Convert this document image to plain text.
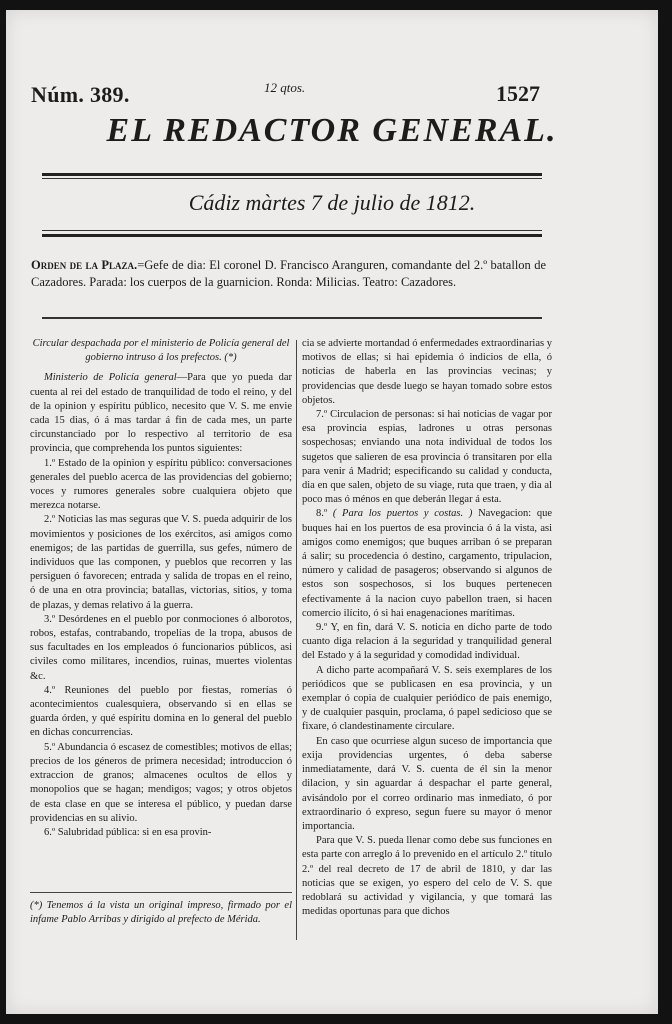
Núm. 389.	12 qtos.	1527
EL REDACTOR GENERAL.
Cádiz màrtes 7 de julio de 1812.
Orden de la Plaza.=Gefe de dia: El coronel D. Francisco Aranguren, comandante del 2.º batallon de Cazadores. Parada: los cuerpos de la guarnicion. Ronda: Milicias. Teatro: Cazadores.

Circular despachada por el ministerio de Policía general del gobierno intruso á los prefectos. (*)

Ministerio de Policía general—Para que yo pueda dar cuenta al rei del estado de tranquilidad de todo el reino, y del de la opinion y espíritu público, necesito que V. S. me envie cada 15 dias, ó á mas tardar á fin de cada mes, un parte circunstanciado por lo respectivo al territorio de esa provincia, que comprehenda los puntos siguientes:

1.º Estado de la opinion y espíritu público: conversaciones generales del pueblo acerca de las providencias del gobierno; voces y rumores generales sobre cualquiera objeto que merezca notarse.

2.º Noticias las mas seguras que V. S. pueda adquirir de los movimientos y posiciones de los exércitos, asi amigos como enemigos; de las partidas de guerrilla, sus gefes, número de individuos que las componen, y pueblos que recorren y las persiguen ó favorecen; entrada y salida de tropas en el reino, ó de una en otra provincia; batallas, victorias, sitios, y toma de plazas, y demas relativo á la guerra.

3.º Desórdenes en el pueblo por conmociones ó alborotos, robos, estafas, contrabando, tropelías de la tropa, abusos de sus facultades en los empleados ó funcionarios públicos, asi civiles como militares, incendios, ruinas, muertes violentas &c.

4.º Reuniones del pueblo por fiestas, romerías ó acontecimientos cualesquiera, observando si en ellas se guarda órden, y qué espíritu domina en lo general del pueblo en dichas concurrencias.

5.º Abundancia ó escasez de comestibles; motivos de ellas; precios de los géneros de primera necesidad; introduccion ó extraccion de granos; almacenes ocultos de ellos y monopolios que se hagan; mendigos; vagos; y otros objetos de esta clase en que se interesa el público, y puedan darse providencias en su alivio.

6.º Salubridad pública: si en esa provin-

(*) Tenemos á la vista un original impreso, firmado por el infame Pablo Arribas y dirigido al prefecto de Mérida.

cia se advierte mortandad ó enfermedades extraordinarias y motivos de ellas; si hai epidemia ó indicios de ella, ó noticias de haberla en las provincias vecinas; y providencias que desde luego se hayan tomado sobre estos objetos.

7.º Circulacion de personas: si hai noticias de vagar por esa provincia espias, ladrones u otras personas sospechosas; enviando una nota individual de todos los sugetos que salieren de esa provincia ó transitaren por ella para venir á Madrid; especificando su calidad y conducta, dia en que salen, objeto de su viage, ruta que traen, y dia al poco mas ó ménos en que deberán llegar á esta.

8.º ( Para los puertos y costas. ) Navegacion: que buques hai en los puertos de esa provincia ó á la vista, asi amigos como enemigos; que buques arriban ó se preparan á salir; su procedencia ó destino, cargamento, tripulacion, número y calidad de pasageros; observando si algunos de estos son sospechosos, si los buques pertenecen efectivamente á la nacion cuyo pabellon traen, si hacen comercio ilícito, ó si hai enagenaciones marítimas.

9.º Y, en fin, dará V. S. noticia en dicho parte de todo cuanto diga relacion á la seguridad y tranquilidad general del Estado y á la seguridad y comodidad individual.

A dicho parte acompañará V. S. seis exemplares de los periódicos que se publicasen en esa provincia, y un exemplar ó copia de cualquier periódico de pais enemigo, y de cualquier pasquin, proclama, ó papel sedicioso que se fixare, ó clandestinamente circulare.

En caso que ocurriese algun suceso de importancia que exija providencias urgentes, ó deba saberse inmediatamente, dará V. S. cuenta de él sin la menor dilacion, y sin aguardar á despachar el parte general, avisándolo por el correo ordinario mas inmediato, ó por extraordinario ó expreso, segun fuere su mayor ó menor importancia.

Para que V. S. pueda llenar como debe sus funciones en esta parte con arreglo á lo prevenido en el artículo 2.º título 2.º del real decreto de 17 de abril de 1810, y dar las noticias que se exigen, yo espero del celo de V. S. que redoblará su actividad y vigilancia, y que tomará las medidas oportunas para que dichos
